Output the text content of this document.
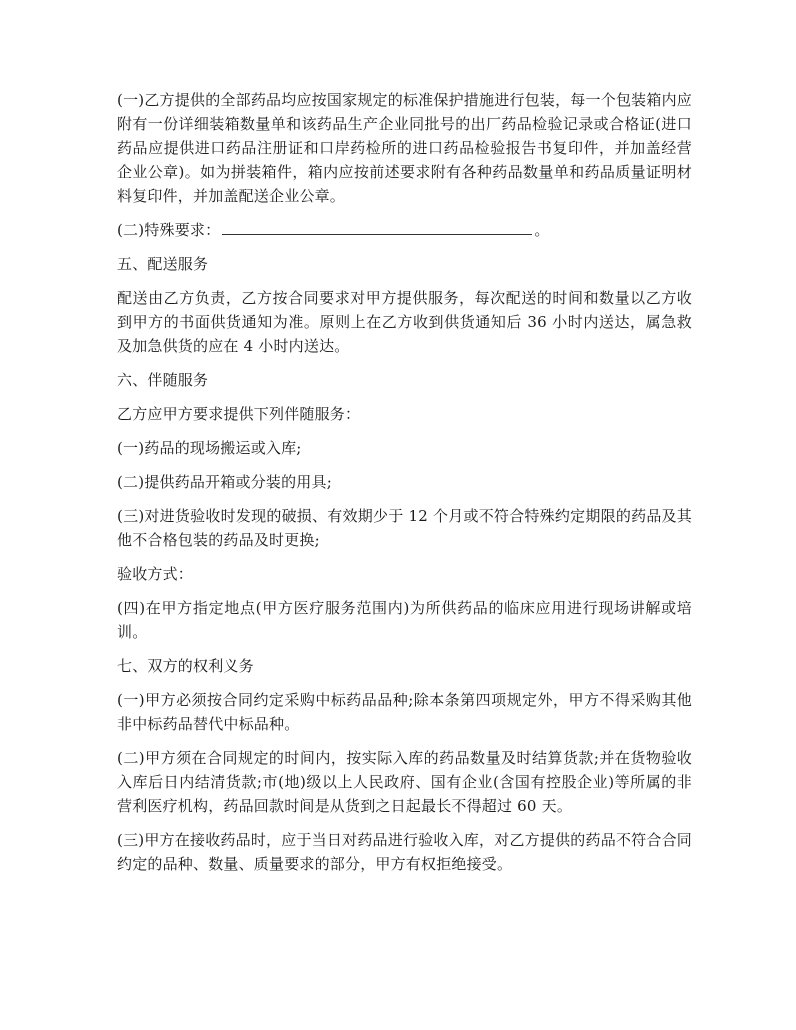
(一)乙方提供的全部药品均应按国家规定的标准保护措施进行包装，每一个包装箱内应附有一份详细装箱数量单和该药品生产企业同批号的出厂药品检验记录或合格证(进口药品应提供进口药品注册证和口岸药检所的进口药品检验报告书复印件，并加盖经营企业公章)。如为拼装箱件，箱内应按前述要求附有各种药品数量单和药品质量证明材料复印件，并加盖配送企业公章。

(二)特殊要求：	。

五、配送服务

配送由乙方负责，乙方按合同要求对甲方提供服务，每次配送的时间和数量以乙方收到甲方的书面供货通知为准。原则上在乙方收到供货通知后 36 小时内送达，属急救及加急供货的应在 4 小时内送达。

六、伴随服务

乙方应甲方要求提供下列伴随服务：

(一)药品的现场搬运或入库;

(二)提供药品开箱或分装的用具;

(三)对进货验收时发现的破损、有效期少于 12 个月或不符合特殊约定期限的药品及其他不合格包装的药品及时更换;

验收方式：

(四)在甲方指定地点(甲方医疗服务范围内)为所供药品的临床应用进行现场讲解或培训。

七、双方的权利义务

(一)甲方必须按合同约定采购中标药品品种;除本条第四项规定外，甲方不得采购其他非中标药品替代中标品种。

(二)甲方须在合同规定的时间内，按实际入库的药品数量及时结算货款;并在货物验收入库后日内结清货款;市(地)级以上人民政府、国有企业(含国有控股企业)等所属的非营利医疗机构，药品回款时间是从货到之日起最长不得超过 60 天。

(三)甲方在接收药品时，应于当日对药品进行验收入库，对乙方提供的药品不符合合同约定的品种、数量、质量要求的部分，甲方有权拒绝接受。
